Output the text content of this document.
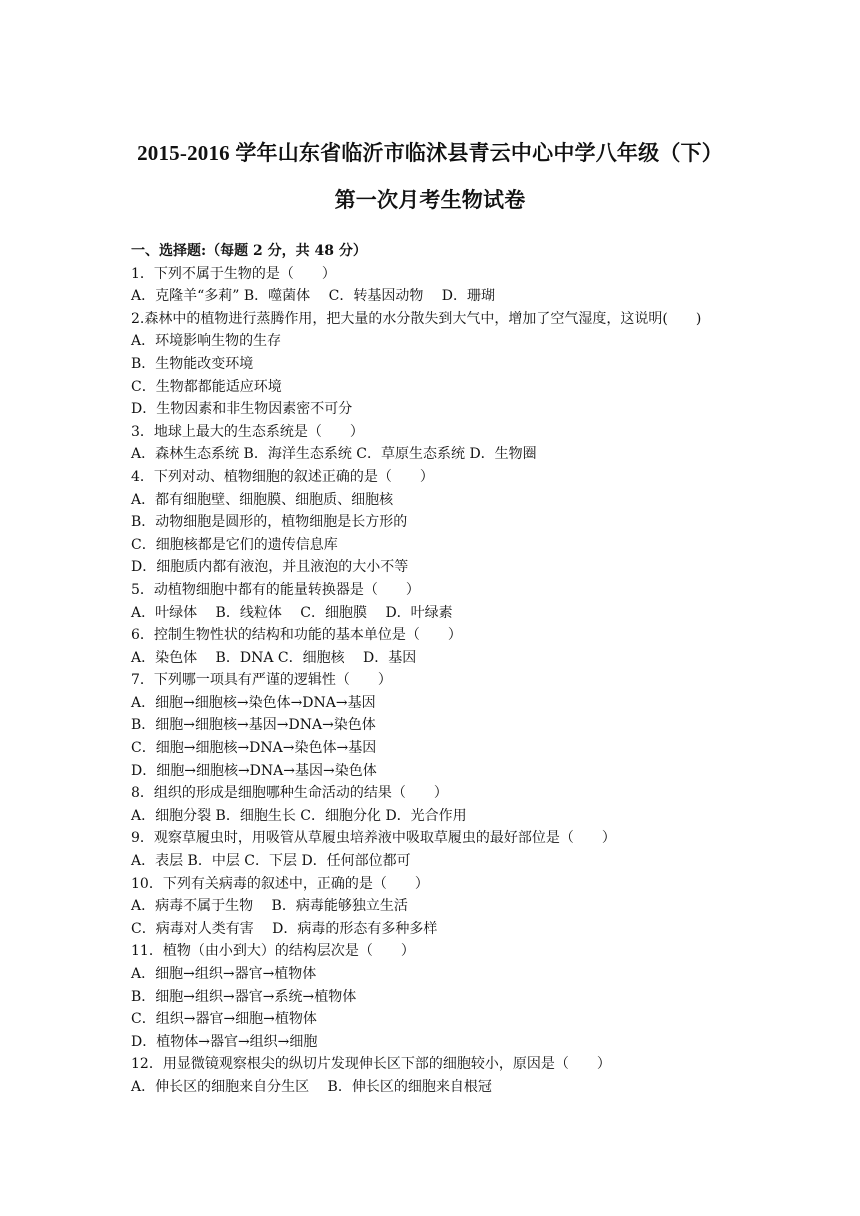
2015-2016 学年山东省临沂市临沭县青云中心中学八年级（下）
第一次月考生物试卷
一、选择题:（每题 2 分，共 48 分）
1．下列不属于生物的是（　　）
A．克隆羊“多莉” B．噬菌体　 C．转基因动物　 D．珊瑚
2.森林中的植物进行蒸腾作用，把大量的水分散失到大气中，增加了空气湿度，这说明(　　)
A．环境影响生物的生存
B．生物能改变环境
C．生物都都能适应环境
D．生物因素和非生物因素密不可分
3．地球上最大的生态系统是（　　）
A．森林生态系统 B．海洋生态系统 C．草原生态系统 D．生物圈
4．下列对动、植物细胞的叙述正确的是（　　）
A．都有细胞壁、细胞膜、细胞质、细胞核
B．动物细胞是圆形的，植物细胞是长方形的
C．细胞核都是它们的遗传信息库
D．细胞质内都有液泡，并且液泡的大小不等
5．动植物细胞中都有的能量转换器是（　　）
A．叶绿体　 B．线粒体　 C．细胞膜　 D．叶绿素
6．控制生物性状的结构和功能的基本单位是（　　）
A．染色体　 B．DNA C．细胞核　 D．基因
7．下列哪一项具有严谨的逻辑性（　　）
A．细胞→细胞核→染色体→DNA→基因
B．细胞→细胞核→基因→DNA→染色体
C．细胞→细胞核→DNA→染色体→基因
D．细胞→细胞核→DNA→基因→染色体
8．组织的形成是细胞哪种生命活动的结果（　　）
A．细胞分裂 B．细胞生长 C．细胞分化 D．光合作用
9．观察草履虫时，用吸管从草履虫培养液中吸取草履虫的最好部位是（　　）
A．表层 B．中层 C．下层 D．任何部位都可
10．下列有关病毒的叙述中，正确的是（　　）
A．病毒不属于生物　 B．病毒能够独立生活
C．病毒对人类有害　 D．病毒的形态有多种多样
11．植物（由小到大）的结构层次是（　　）
A．细胞→组织→器官→植物体
B．细胞→组织→器官→系统→植物体
C．组织→器官→细胞→植物体
D．植物体→器官→组织→细胞
12．用显微镜观察根尖的纵切片发现伸长区下部的细胞较小，原因是（　　）
A．伸长区的细胞来自分生区　 B．伸长区的细胞来自根冠
